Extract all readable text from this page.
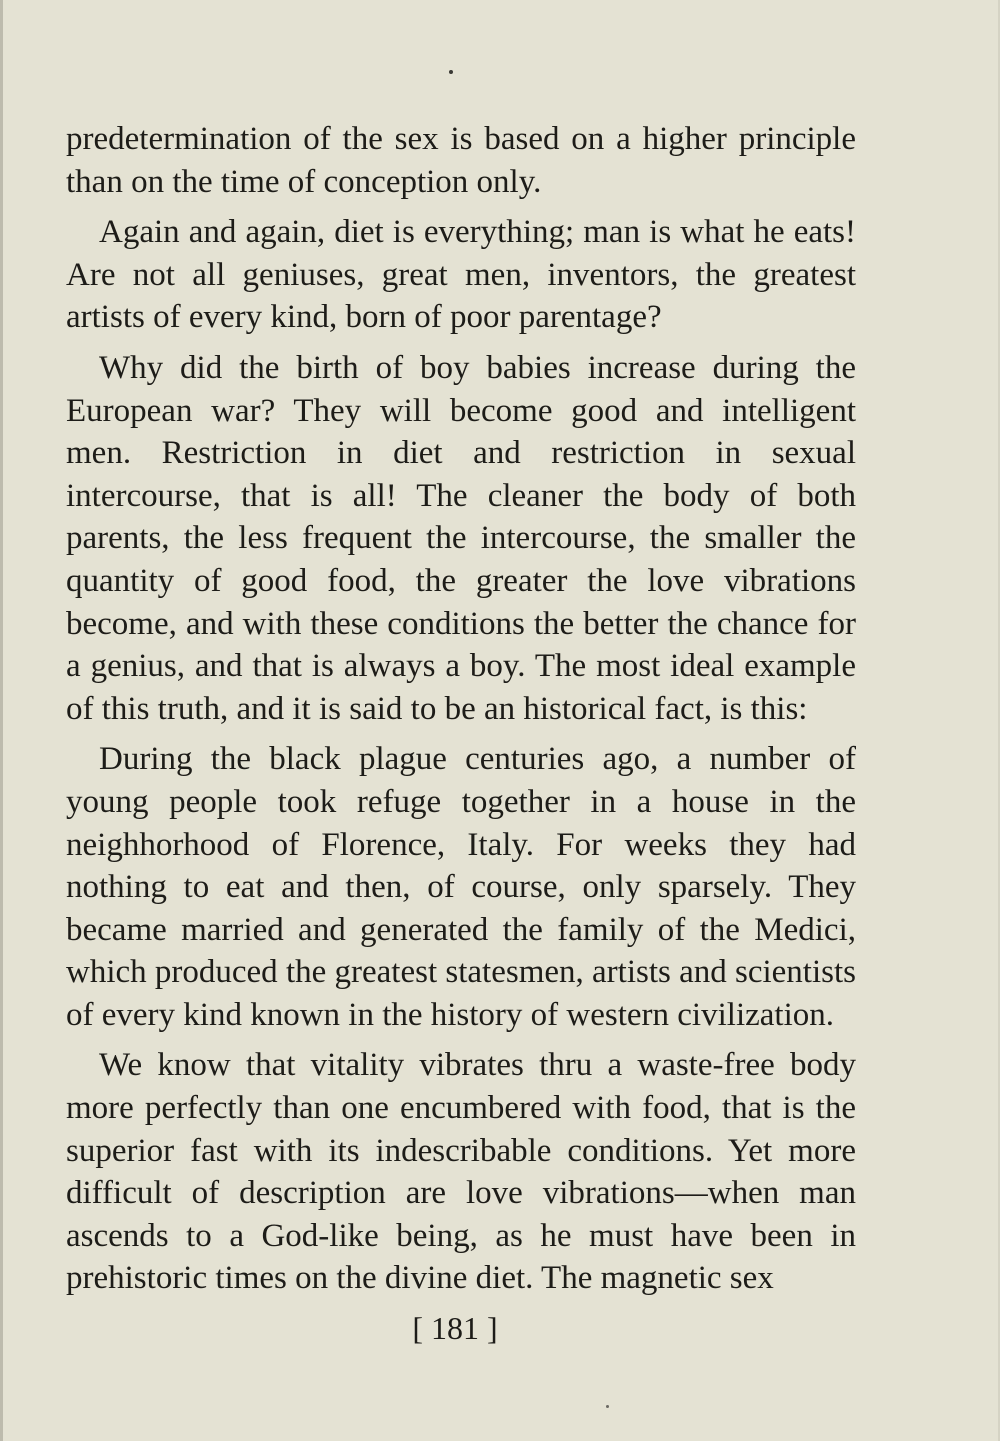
predetermination of the sex is based on a higher principle than on the time of conception only.

Again and again, diet is everything; man is what he eats! Are not all geniuses, great men, inventors, the greatest artists of every kind, born of poor parentage?

Why did the birth of boy babies increase during the European war? They will become good and intelligent men. Restriction in diet and restriction in sexual intercourse, that is all! The cleaner the body of both parents, the less frequent the intercourse, the smaller the quantity of good food, the greater the love vibrations become, and with these conditions the better the chance for a genius, and that is always a boy. The most ideal example of this truth, and it is said to be an historical fact, is this:

During the black plague centuries ago, a number of young people took refuge together in a house in the neighhorhood of Florence, Italy. For weeks they had nothing to eat and then, of course, only sparsely. They became married and generated the family of the Medici, which produced the greatest statesmen, artists and scientists of every kind known in the history of western civilization.

We know that vitality vibrates thru a waste-free body more perfectly than one encumbered with food, that is the superior fast with its indescribable conditions. Yet more difficult of description are love vibrations—when man ascends to a God-like being, as he must have been in prehistoric times on the divine diet. The magnetic sex

[ 181 ]
